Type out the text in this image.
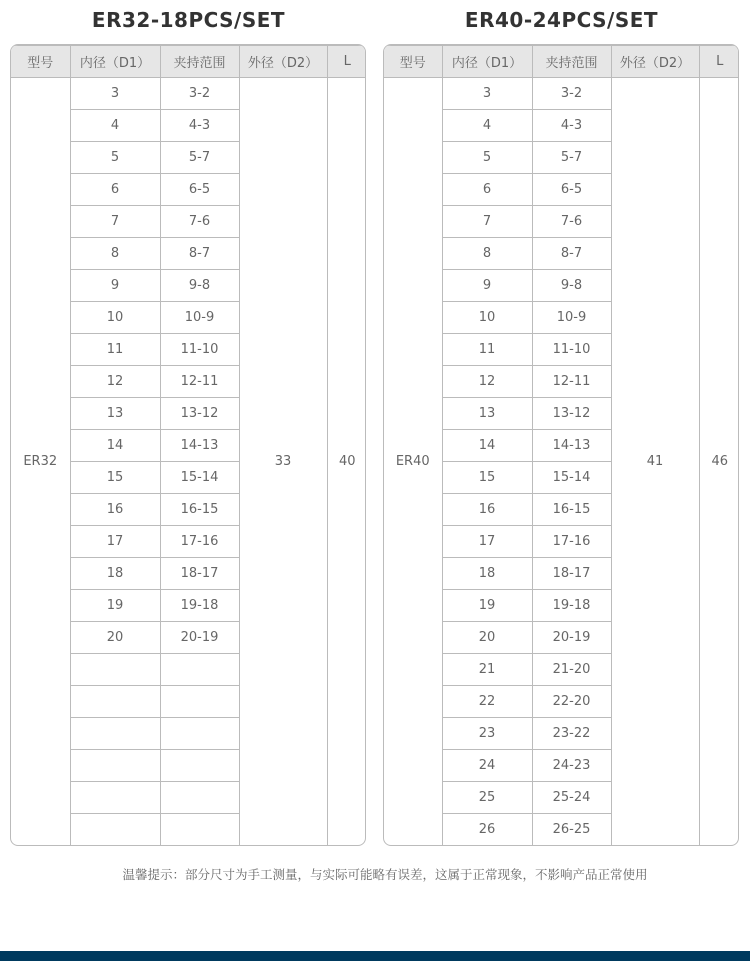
ER32-18PCS/SET	ER40-24PCS/SET
型号	内径（D1）	夹持范围	外径（D2）	L
ER32	3	3-2	33	40
	4	4-3		
	5	5-7		
	6	6-5		
	7	7-6		
	8	8-7		
	9	9-8		
	10	10-9		
	11	11-10		
	12	12-11		
	13	13-12		
	14	14-13		
	15	15-14		
	16	16-15		
	17	17-16		
	18	18-17		
	19	19-18		
	20	20-19		

型号	内径（D1）	夹持范围	外径（D2）	L
ER40	3	3-2	41	46
	4	4-3		
	5	5-7		
	6	6-5		
	7	7-6		
	8	8-7		
	9	9-8		
	10	10-9		
	11	11-10		
	12	12-11		
	13	13-12		
	14	14-13		
	15	15-14		
	16	16-15		
	17	17-16		
	18	18-17		
	19	19-18		
	20	20-19		
	21	21-20		
	22	22-20		
	23	23-22		
	24	24-23		
	25	25-24		
	26	26-25		
温馨提示：部分尺寸为手工测量，与实际可能略有误差，这属于正常现象，不影响产品正常使用
